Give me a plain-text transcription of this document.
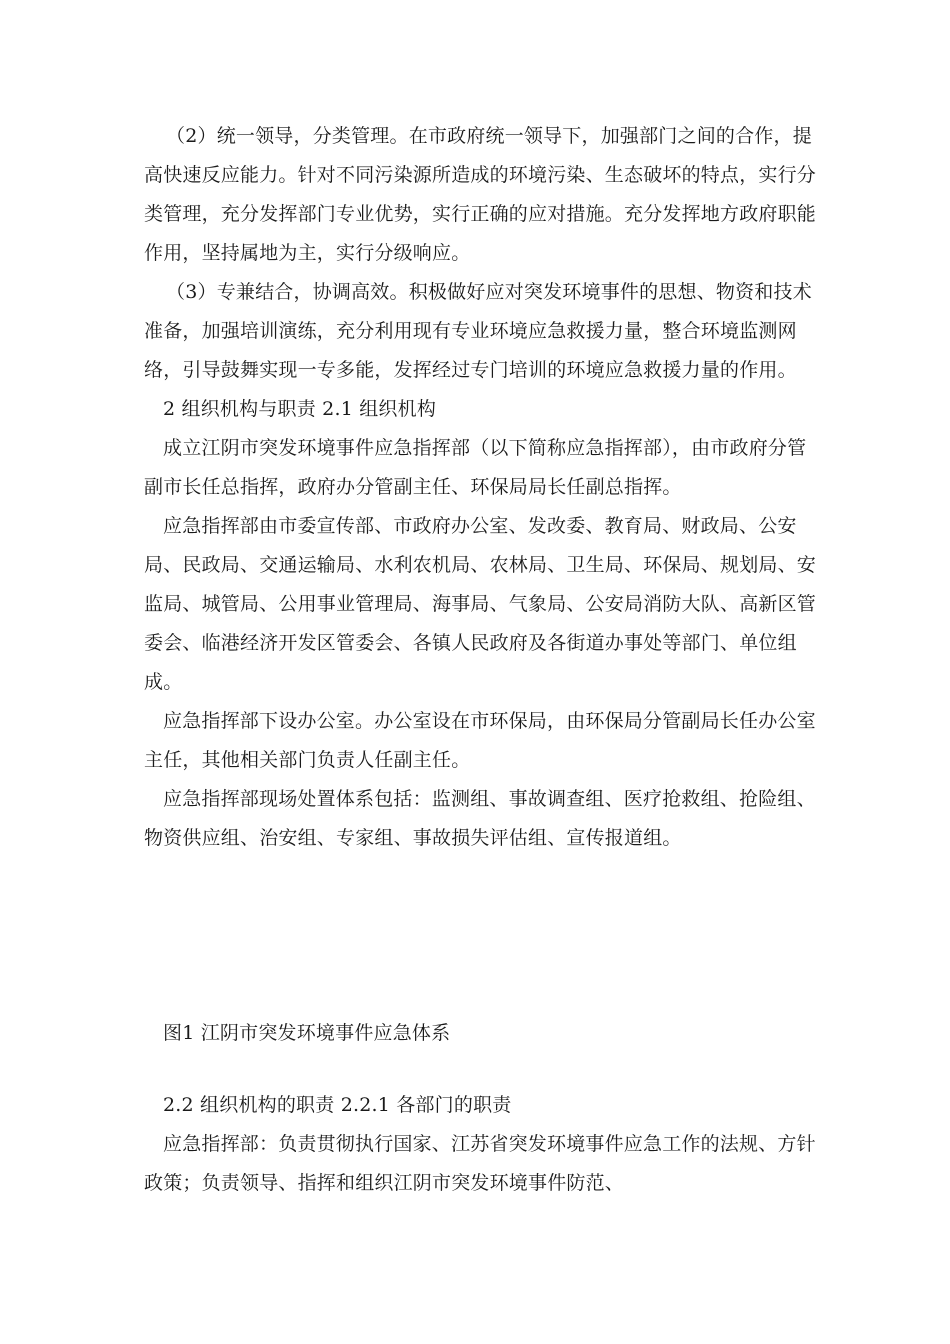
（2）统一领导，分类管理。在市政府统一领导下，加强部门之间的合作，提高快速反应能力。针对不同污染源所造成的环境污染、生态破坏的特点，实行分类管理，充分发挥部门专业优势，实行正确的应对措施。充分发挥地方政府职能作用，坚持属地为主，实行分级响应。

（3）专兼结合，协调高效。积极做好应对突发环境事件的思想、物资和技术准备，加强培训演练，充分利用现有专业环境应急救援力量，整合环境监测网络，引导鼓舞实现一专多能，发挥经过专门培训的环境应急救援力量的作用。

2 组织机构与职责 2.1 组织机构

成立江阴市突发环境事件应急指挥部（以下简称应急指挥部），由市政府分管副市长任总指挥，政府办分管副主任、环保局局长任副总指挥。

应急指挥部由市委宣传部、市政府办公室、发改委、教育局、财政局、公安局、民政局、交通运输局、水利农机局、农林局、卫生局、环保局、规划局、安监局、城管局、公用事业管理局、海事局、气象局、公安局消防大队、高新区管委会、临港经济开发区管委会、各镇人民政府及各街道办事处等部门、单位组成。

应急指挥部下设办公室。办公室设在市环保局，由环保局分管副局长任办公室主任，其他相关部门负责人任副主任。

应急指挥部现场处置体系包括：监测组、事故调查组、医疗抢救组、抢险组、物资供应组、治安组、专家组、事故损失评估组、宣传报道组。

图1 江阴市突发环境事件应急体系

2.2 组织机构的职责 2.2.1 各部门的职责

应急指挥部：负责贯彻执行国家、江苏省突发环境事件应急工作的法规、方针政策；负责领导、指挥和组织江阴市突发环境事件防范、
